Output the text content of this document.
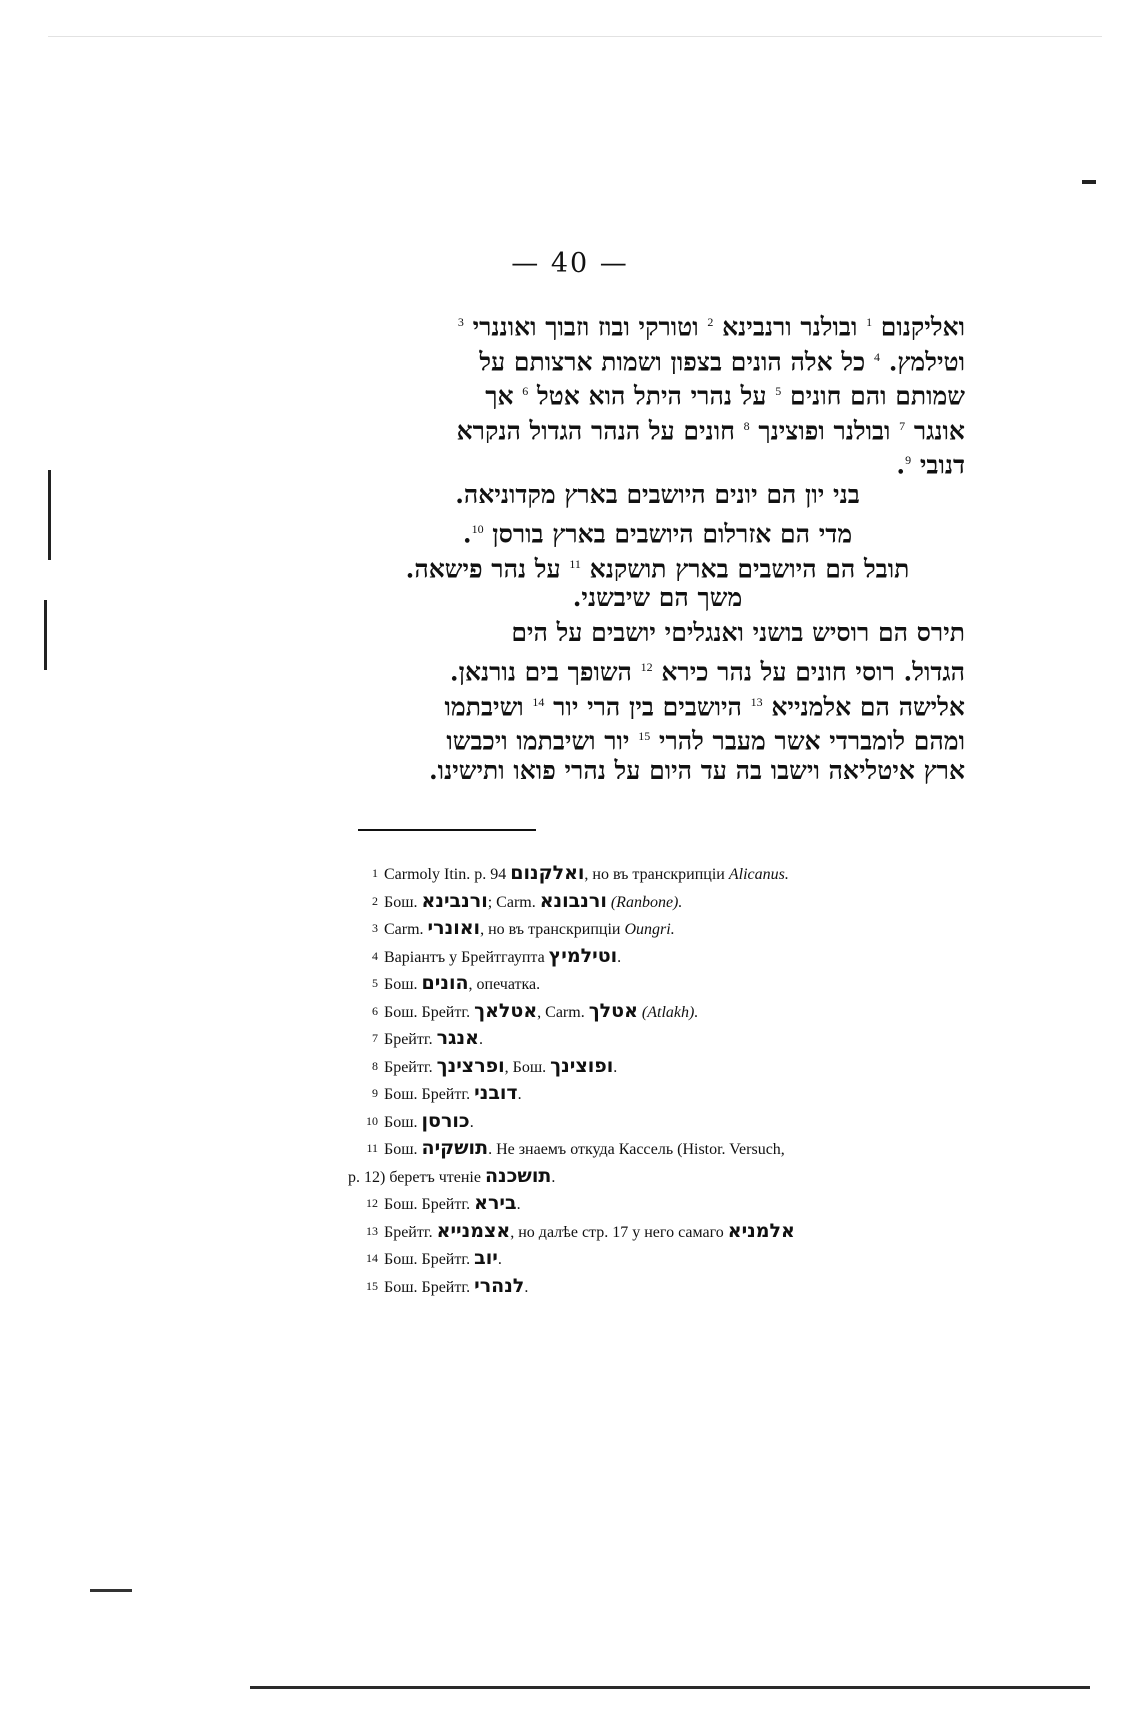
— 40 —
ואליקנום $^1$ ובולנר ורנבינא $^2$ וטורקי ובוז וזבוך ואוננרי $^3$
וטילמץ. $^4$ כל אלה הונים בצפון ושמות ארצותם על
שמותם והם חונים $^5$ על נהרי היתל הוא אטל $^6$ אך
אונגר $^7$ ובולנר ופוצינך $^8$ חונים על הנהר הגדול הנקרא
דנובי $^9$.
בני יון הם יונים היושבים בארץ מקדוניאה.
מדי הם אזרלום היושבים בארץ בורסן $^{10}$.
תובל הם היושבים בארץ תושקנא $^{11}$ על נהר פישאה.
משך הם שיבשני.
תירס הם רוסיש בושני ואנגליםי יושבים על הים
הגדול. רוסי חונים על נהר כירא $^{12}$ השופך בים נורנאן.
אלישה הם אלמנייא $^{13}$ היושבים בין הרי יור $^{14}$ ושיבתמו
ומהם לומברדי אשר מעבר להרי $^{15}$ יור ושיבתמו ויכבשו
ארץ איטליאה וישבו בה עד היום על נהרי פואו ותישינו.
1 Carmoly Itin. p. 94 ואלקנום, но въ транскрипціи Alicanus.
2 Бош. ורנבינא; Carm. ורנבונא (Ranbone).
3 Carm. ואונרי, но въ транскрипціи Oungri.
4 Варіантъ у Брейтгаупта וטילמיץ.
5 Бош. הונים, опечатка.
6 Бош. Брейтг. אטלאך, Carm. אטלך (Atlakh).
7 Брейтг. אנגר.
8 Брейтг. ופרצינך, Бош. ופוצינך.
9 Бош. Брейтг. דובני.
10 Бош. כורסן.
11 Бош. תושקיה. Не знаемъ откуда Кассель (Histor. Versuch,
p. 12) беретъ чтеніе תושכנה.
12 Бош. Брейтг. בירא.
13 Брейтг. אצמנייא, но далѣе стр. 17 у него самаго אלמניא
14 Бош. Брейтг. יוב.
15 Бош. Брейтг. לנהרי.
